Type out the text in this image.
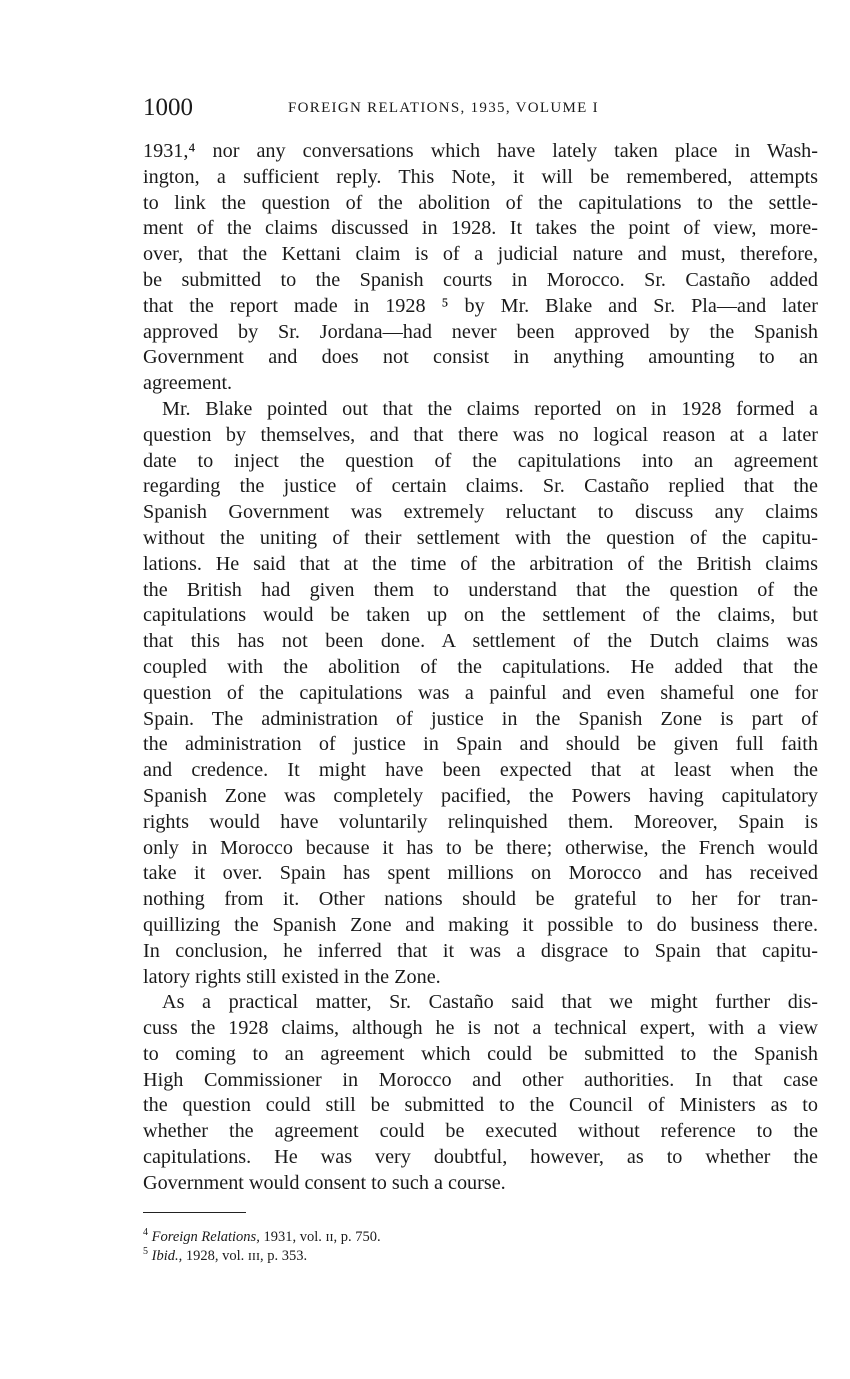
1000	FOREIGN RELATIONS, 1935, VOLUME I
1931,⁴ nor any conversations which have lately taken place in Wash-
ington, a sufficient reply. This Note, it will be remembered, attempts
to link the question of the abolition of the capitulations to the settle-
ment of the claims discussed in 1928. It takes the point of view, more-
over, that the Kettani claim is of a judicial nature and must, therefore,
be submitted to the Spanish courts in Morocco. Sr. Castaño added
that the report made in 1928 ⁵ by Mr. Blake and Sr. Pla—and later
approved by Sr. Jordana—had never been approved by the Spanish
Government and does not consist in anything amounting to an
agreement.
Mr. Blake pointed out that the claims reported on in 1928 formed a
question by themselves, and that there was no logical reason at a later
date to inject the question of the capitulations into an agreement
regarding the justice of certain claims. Sr. Castaño replied that the
Spanish Government was extremely reluctant to discuss any claims
without the uniting of their settlement with the question of the capitu-
lations. He said that at the time of the arbitration of the British claims
the British had given them to understand that the question of the
capitulations would be taken up on the settlement of the claims, but
that this has not been done. A settlement of the Dutch claims was
coupled with the abolition of the capitulations. He added that the
question of the capitulations was a painful and even shameful one for
Spain. The administration of justice in the Spanish Zone is part of
the administration of justice in Spain and should be given full faith
and credence. It might have been expected that at least when the
Spanish Zone was completely pacified, the Powers having capitulatory
rights would have voluntarily relinquished them. Moreover, Spain is
only in Morocco because it has to be there; otherwise, the French would
take it over. Spain has spent millions on Morocco and has received
nothing from it. Other nations should be grateful to her for tran-
quillizing the Spanish Zone and making it possible to do business there.
In conclusion, he inferred that it was a disgrace to Spain that capitu-
latory rights still existed in the Zone.
As a practical matter, Sr. Castaño said that we might further dis-
cuss the 1928 claims, although he is not a technical expert, with a view
to coming to an agreement which could be submitted to the Spanish
High Commissioner in Morocco and other authorities. In that case
the question could still be submitted to the Council of Ministers as to
whether the agreement could be executed without reference to the
capitulations. He was very doubtful, however, as to whether the
Government would consent to such a course.
$^4$ Foreign Relations, 1931, vol. ɪɪ, p. 750.
$^5$ Ibid., 1928, vol. ɪɪɪ, p. 353.
